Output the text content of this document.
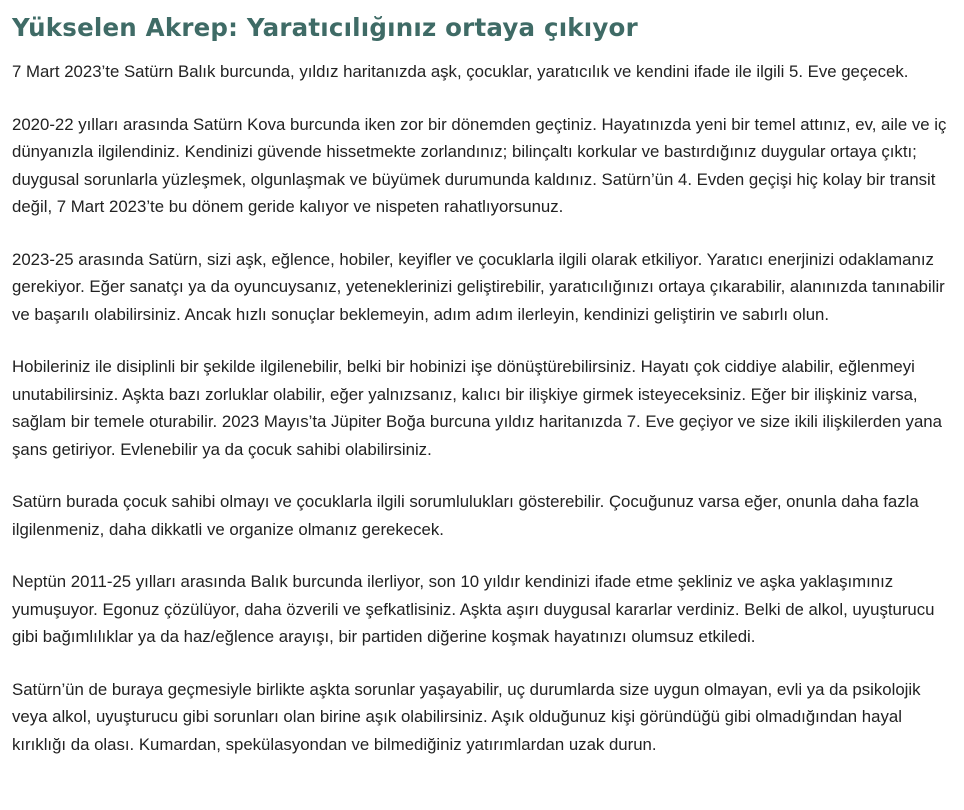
Yükselen Akrep: Yaratıcılığınız ortaya çıkıyor

7 Mart 2023’te Satürn Balık burcunda, yıldız haritanızda aşk, çocuklar, yaratıcılık ve kendini ifade ile ilgili 5. Eve geçecek.

2020-22 yılları arasında Satürn Kova burcunda iken zor bir dönemden geçtiniz. Hayatınızda yeni bir temel attınız, ev, aile ve iç dünyanızla ilgilendiniz. Kendinizi güvende hissetmekte zorlandınız; bilinçaltı korkular ve bastırdığınız duygular ortaya çıktı; duygusal sorunlarla yüzleşmek, olgunlaşmak ve büyümek durumunda kaldınız. Satürn’ün 4. Evden geçişi hiç kolay bir transit değil, 7 Mart 2023’te bu dönem geride kalıyor ve nispeten rahatlıyorsunuz.

2023-25 arasında Satürn, sizi aşk, eğlence, hobiler, keyifler ve çocuklarla ilgili olarak etkiliyor. Yaratıcı enerjinizi odaklamanız gerekiyor. Eğer sanatçı ya da oyuncuysanız, yeteneklerinizi geliştirebilir, yaratıcılığınızı ortaya çıkarabilir, alanınızda tanınabilir ve başarılı olabilirsiniz. Ancak hızlı sonuçlar beklemeyin, adım adım ilerleyin, kendinizi geliştirin ve sabırlı olun.

Hobileriniz ile disiplinli bir şekilde ilgilenebilir, belki bir hobinizi işe dönüştürebilirsiniz. Hayatı çok ciddiye alabilir, eğlenmeyi unutabilirsiniz. Aşkta bazı zorluklar olabilir, eğer yalnızsanız, kalıcı bir ilişkiye girmek isteyeceksiniz. Eğer bir ilişkiniz varsa, sağlam bir temele oturabilir. 2023 Mayıs’ta Jüpiter Boğa burcuna yıldız haritanızda 7. Eve geçiyor ve size ikili ilişkilerden yana şans getiriyor. Evlenebilir ya da çocuk sahibi olabilirsiniz.

Satürn burada çocuk sahibi olmayı ve çocuklarla ilgili sorumlulukları gösterebilir. Çocuğunuz varsa eğer, onunla daha fazla ilgilenmeniz, daha dikkatli ve organize olmanız gerekecek.

Neptün 2011-25 yılları arasında Balık burcunda ilerliyor, son 10 yıldır kendinizi ifade etme şekliniz ve aşka yaklaşımınız yumuşuyor. Egonuz çözülüyor, daha özverili ve şefkatlisiniz. Aşkta aşırı duygusal kararlar verdiniz. Belki de alkol, uyuşturucu gibi bağımlılıklar ya da haz/eğlence arayışı, bir partiden diğerine koşmak hayatınızı olumsuz etkiledi.

Satürn’ün de buraya geçmesiyle birlikte aşkta sorunlar yaşayabilir, uç durumlarda size uygun olmayan, evli ya da psikolojik veya alkol, uyuşturucu gibi sorunları olan birine aşık olabilirsiniz. Aşık olduğunuz kişi göründüğü gibi olmadığından hayal kırıklığı da olası. Kumardan, spekülasyondan ve bilmediğiniz yatırımlardan uzak durun.
